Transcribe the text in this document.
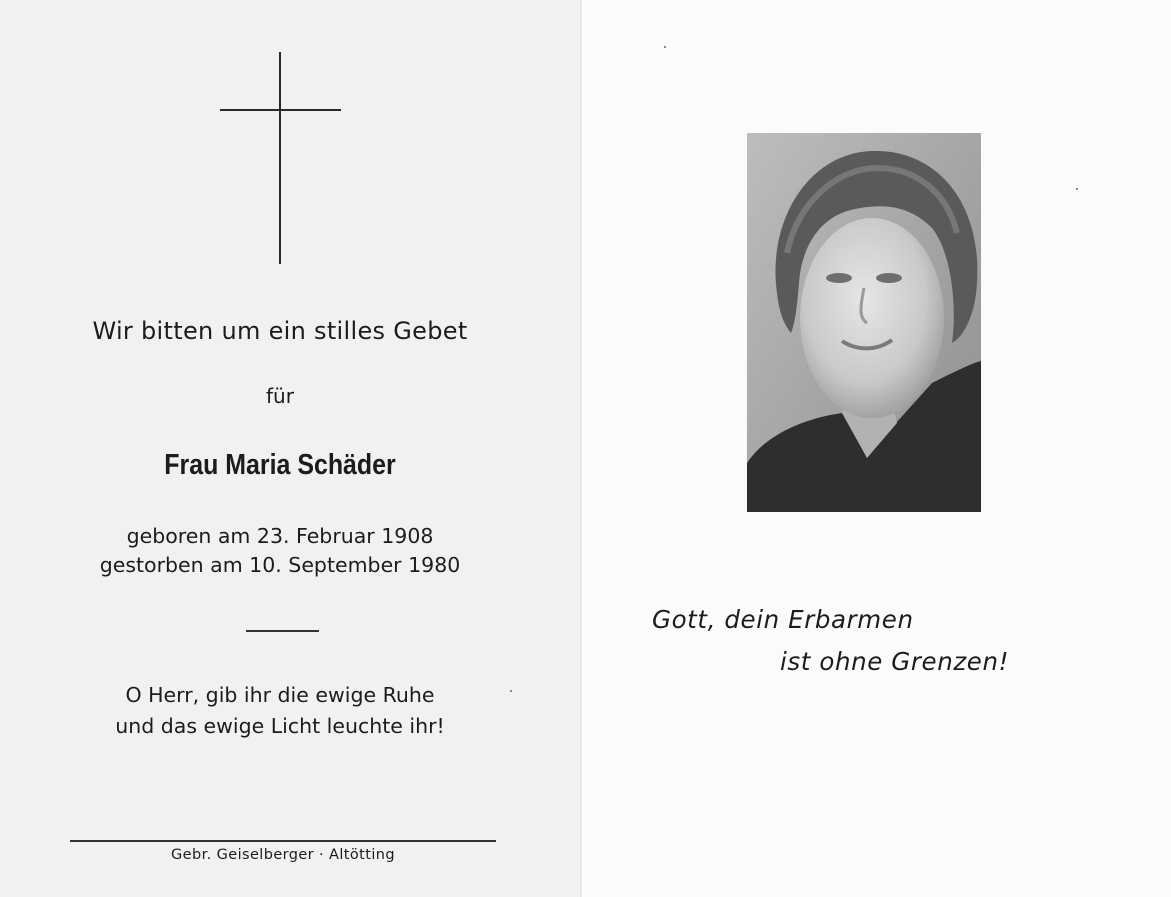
Wir bitten um ein stilles Gebet
für
Frau Maria Schäder
geboren am 23. Februar 1908
gestorben am 10. September 1980
O Herr, gib ihr die ewige Ruhe
und das ewige Licht leuchte ihr!
Gebr. Geiselberger · Altötting
Gott, dein Erbarmen
ist ohne Grenzen!
